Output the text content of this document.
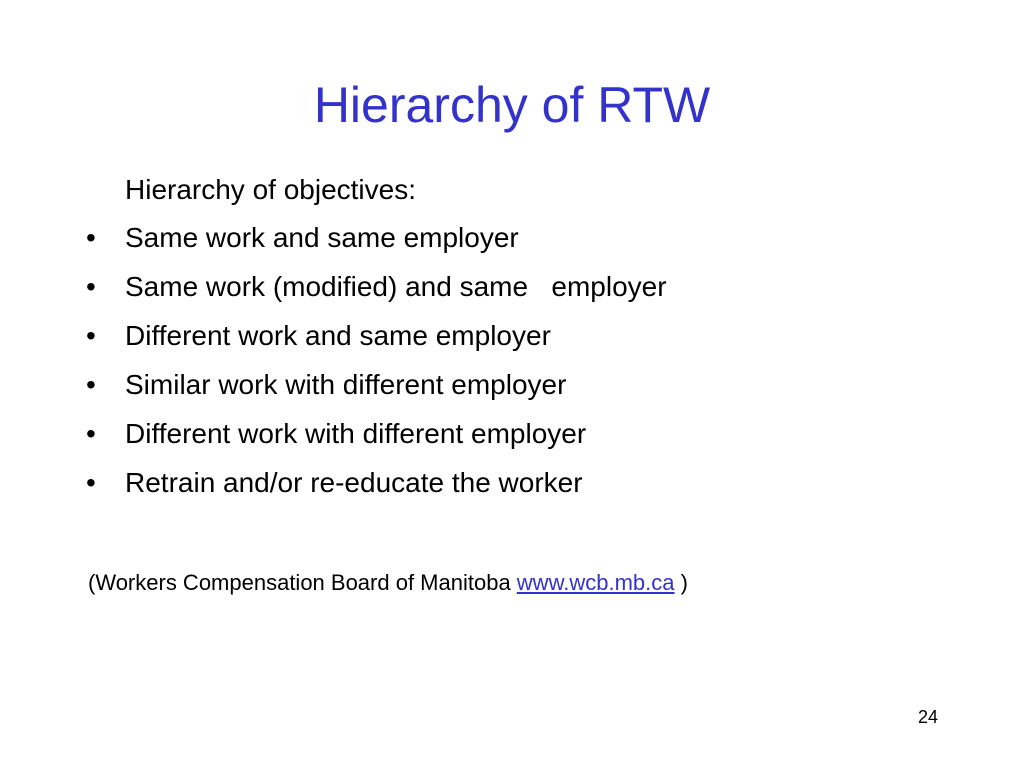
Hierarchy of RTW
Hierarchy of objectives:

•

	Same work and same employer

•

	Same work (modified) and same   employer

•

	Different work and same employer

•

	Similar work with different employer

•

	Different work with different employer

•

	Retrain and/or re-educate the worker

(Workers Compensation Board of Manitoba www.wcb.mb.ca )
24
